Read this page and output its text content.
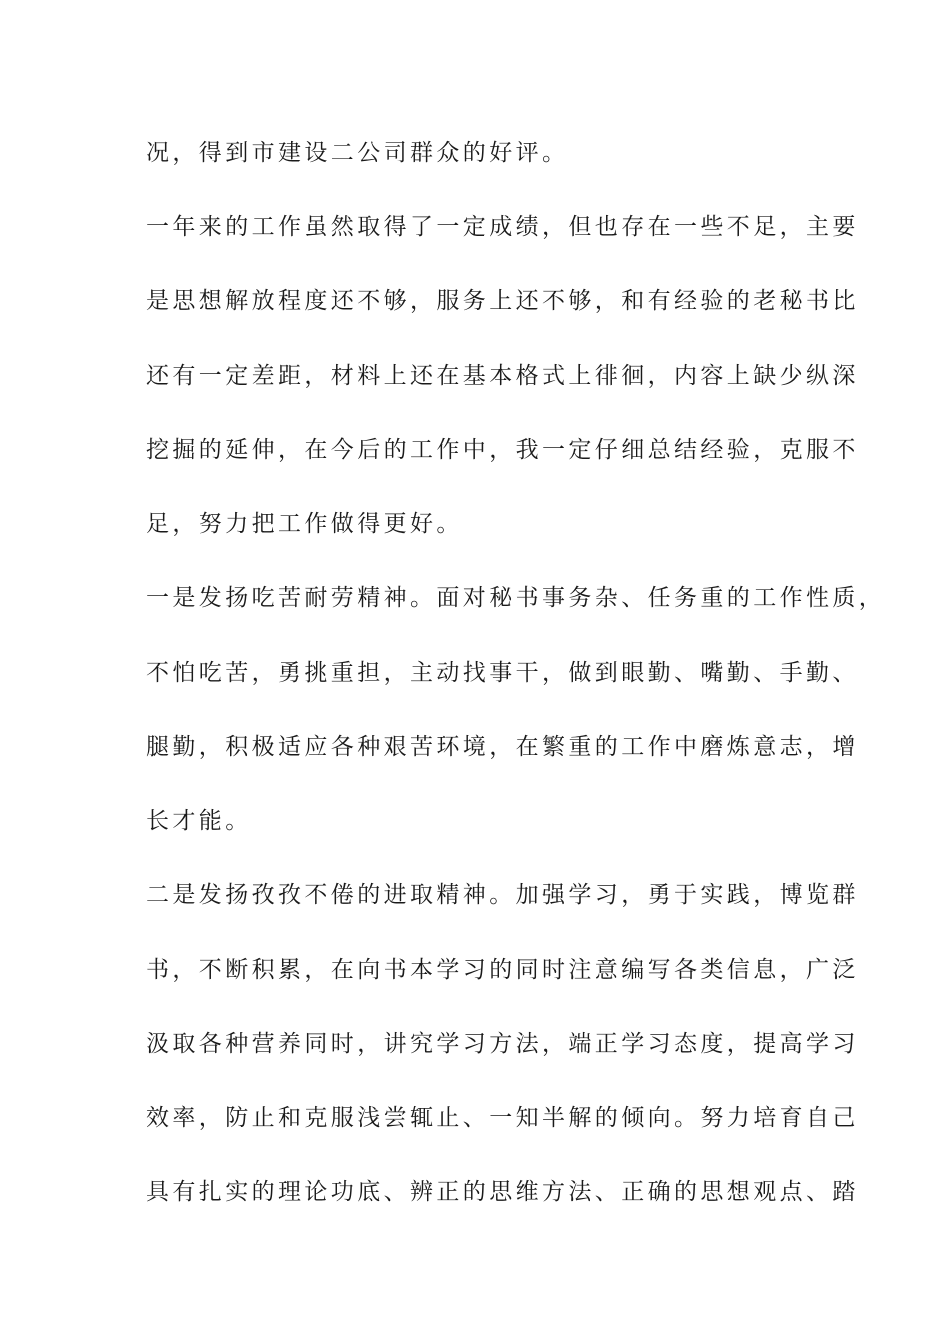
况，得到市建设二公司群众的好评。
一年来的工作虽然取得了一定成绩，但也存在一些不足，主要
是思想解放程度还不够，服务上还不够，和有经验的老秘书比
还有一定差距，材料上还在基本格式上徘徊，内容上缺少纵深
挖掘的延伸，在今后的工作中，我一定仔细总结经验，克服不
足，努力把工作做得更好。
一是发扬吃苦耐劳精神。面对秘书事务杂、任务重的工作性质，
不怕吃苦，勇挑重担，主动找事干，做到眼勤、嘴勤、手勤、
腿勤，积极适应各种艰苦环境，在繁重的工作中磨炼意志，增
长才能。
二是发扬孜孜不倦的进取精神。加强学习，勇于实践，博览群
书，不断积累，在向书本学习的同时注意编写各类信息，广泛
汲取各种营养同时，讲究学习方法，端正学习态度，提高学习
效率，防止和克服浅尝辄止、一知半解的倾向。努力培育自己
具有扎实的理论功底、辨正的思维方法、正确的思想观点、踏
